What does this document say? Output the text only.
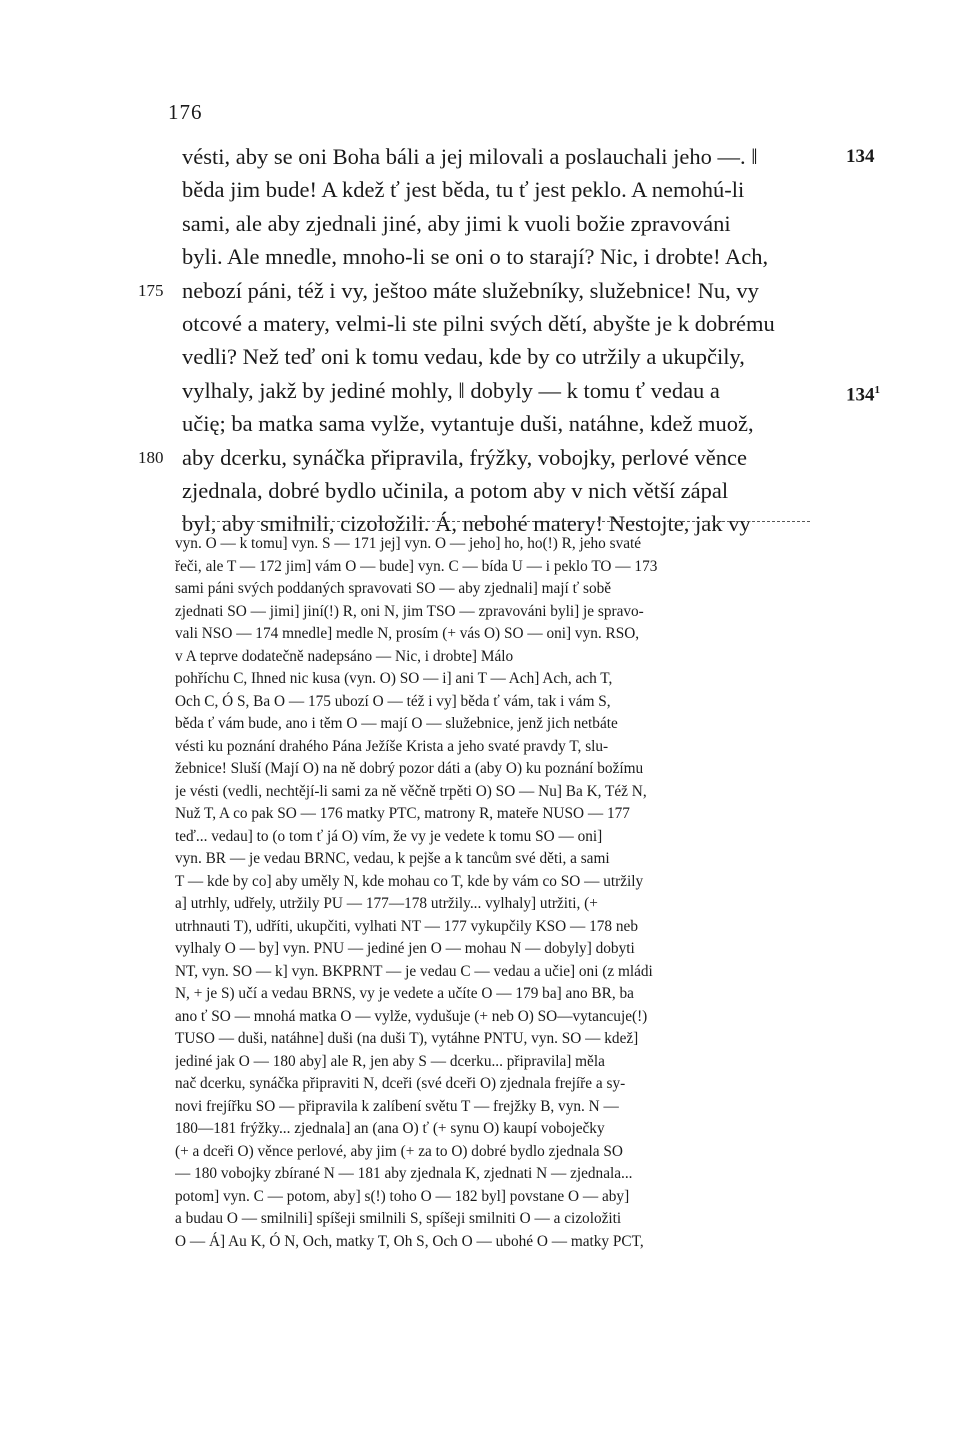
176
vésti, aby se oni Boha báli a jej milovali a poslauchali jeho —. ‖	134
běda jim bude! A kdež ť jest běda, tu ť jest peklo. A nemohú-li
sami, ale aby zjednali jiné, aby jimi k vuoli božie zpravováni
byli. Ale mnedle, mnoho-li se oni o to starají? Nic, i drobte! Ach,
nebozí páni, též i vy, ještoo máte služebníky, služebnice! Nu, vy
175
otcové a matery, velmi-li ste pilni svých dětí, abyšte je k dobrému
vedli? Než teď oni k tomu vedau, kde by co utržily a ukupčily,
vylhaly, jakž by jediné mohly, ‖ dobyly — k tomu ť vedau a	$134^1$
učię; ba matka sama vylže, vytantuje duši, natáhne, kdež muož,
aby dcerku, synáčka připravila, frýžky, vobojky, perlové věnce
180
zjednala, dobré bydlo učinila, a potom aby v nich větší zápal
byl, aby smilnili, cizoložili. Á, nebohé matery! Nestojte, jak vy
vyn. O — k tomu] vyn. S — 171 jej] vyn. O — jeho] ho, ho(!) R, jeho svaté
řeči, ale T — 172 jim] vám O — bude] vyn. C — bída U — i peklo TO — 173
sami páni svých poddaných spravovati SO — aby zjednali] mají ť sobě
zjednati SO — jimi] jiní(!) R, oni N, jim TSO — zpravováni byli] je spravo-
vali NSO — 174 mnedle] medle N, prosím (+ vás O) SO — oni] vyn. RSO,
v A teprve dodatečně nadepsáno — Nic, i drobte] Málo
pohříchu C, Ihned nic kusa (vyn. O) SO — i] ani T — Ach] Ach, ach T,
Och C, Ó S, Ba O — 175 ubozí O — též i vy] běda ť vám, tak i vám S,
běda ť vám bude, ano i těm O — mají O — služebnice, jenž jich netbáte
vésti ku poznání drahého Pána Ježíše Krista a jeho svaté pravdy T, slu-
žebnice! Sluší (Mají O) na ně dobrý pozor dáti a (aby O) ku poznání božímu
je vésti (vedli, nechtějí-li sami za ně věčně trpěti O) SO — Nu] Ba K, Též N,
Nuž T, A co pak SO — 176 matky PTC, matrony R, mateře NUSO — 177
teď... vedau] to (o tom ť já O) vím, že vy je vedete k tomu SO — oni]
vyn. BR — je vedau BRNC, vedau, k pejše a k tancům své děti, a sami
T — kde by co] aby uměly N, kde mohau co T, kde by vám co SO — utržily
a] utrhly, udřely, utržily PU — 177—178 utržily... vylhaly] utržiti, (+
utrhnauti T), udříti, ukupčiti, vylhati NT — 177 vykupčily KSO — 178 neb
vylhaly O — by] vyn. PNU — jediné jen O — mohau N — dobyly] dobyti
NT, vyn. SO — k] vyn. BKPRNT — je vedau C — vedau a učie] oni (z mládi
N, + je S) učí a vedau BRNS, vy je vedete a učíte O — 179 ba] ano BR, ba
ano ť SO — mnohá matka O — vylže, vydušuje (+ neb O) SO—vytancuje(!)
TUSO — duši, natáhne] duši (na duši T), vytáhne PNTU, vyn. SO — kdež]
jediné jak O — 180 aby] ale R, jen aby S — dcerku... připravila] měla
nač dcerku, synáčka připraviti N, dceři (své dceři O) zjednala frejíře a sy-
novi frejířku SO — připravila k zalíbení světu T — frejžky B, vyn. N —
180—181 frýžky... zjednala] an (ana O) ť (+ synu O) kaupí voboječky
(+ a dceři O) věnce perlové, aby jim (+ za to O) dobré bydlo zjednala SO
— 180 vobojky zbírané N — 181 aby zjednala K, zjednati N — zjednala...
potom] vyn. C — potom, aby] s(!) toho O — 182 byl] povstane O — aby]
a budau O — smilnili] spíšeji smilnili S, spíšeji smilniti O — a cizoložiti
O — Á] Au K, Ó N, Och, matky T, Oh S, Och O — ubohé O — matky PCT,
